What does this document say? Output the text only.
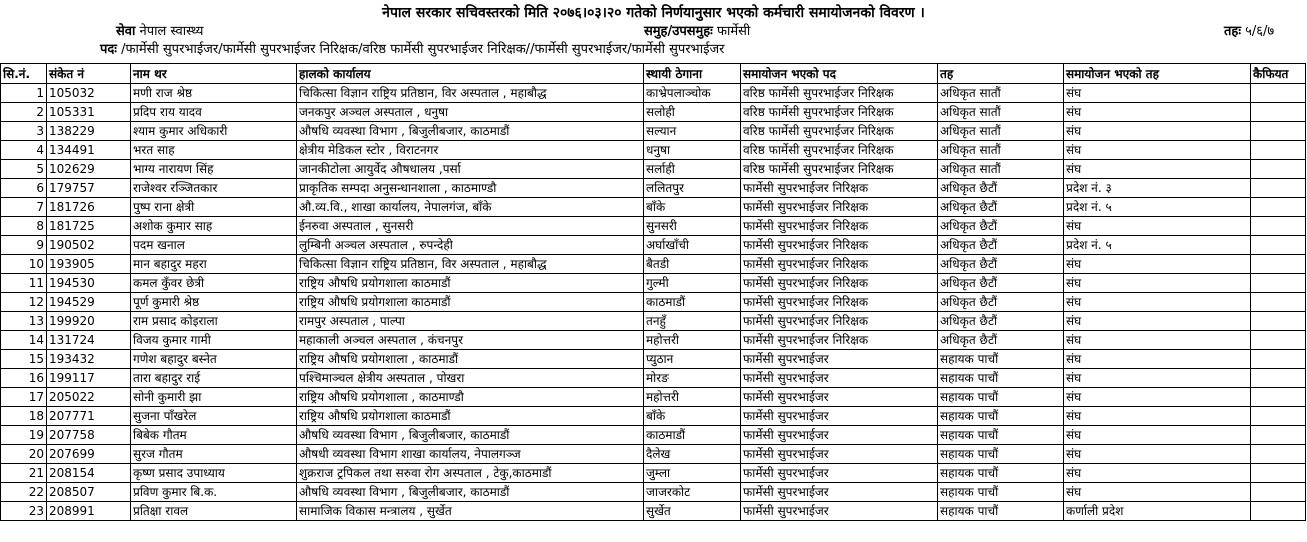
नेपाल सरकार सचिवस्तरको मिति २०७६।०३।२० गतेको निर्णयानुसार भएको कर्मचारी समायोजनको विवरण ।
सेवा नेपाल स्वास्थ्य	समुह/उपसमुहः फार्मेसी	तहः ५/६/७
पदः /फार्मेसी सुपरभाईजर/फार्मेसी सुपरभाईजर निरिक्षक/वरिष्ठ फार्मेसी सुपरभाईजर निरिक्षक//फार्मेसी सुपरभाईजर/फार्मेसी सुपरभाईजर
सि.नं.	संकेत नं	नाम थर	हालको कार्यालय	स्थायी ठेगाना	समायोजन भएको पद	तह	समायोजन भएको तह	कैफियत
1	105032	मणी राज श्रेष्ठ	चिकित्सा विज्ञान राष्ट्रिय प्रतिष्ठान, विर अस्पताल , महाबौद्ध	काभ्रेपलाञ्चोक	वरिष्ठ फार्मेसी सुपरभाईजर निरिक्षक	अधिकृत सातौं	संघ	
2	105331	प्रदिप राय यादव	जनकपुर अञ्चल अस्पताल , धनुषा	सलोही	वरिष्ठ फार्मेसी सुपरभाईजर निरिक्षक	अधिकृत सातौं	संघ	
3	138229	श्याम कुमार अधिकारी	औषधि व्यवस्था विभाग , बिजुलीबजार, काठमाडौं	सल्यान	वरिष्ठ फार्मेसी सुपरभाईजर निरिक्षक	अधिकृत सातौं	संघ	
4	134491	भरत साह	क्षेत्रीय मेडिकल स्टोर , विराटनगर	धनुषा	वरिष्ठ फार्मेसी सुपरभाईजर निरिक्षक	अधिकृत सातौं	संघ	
5	102629	भाग्य नारायण सिंह	जानकीटोला आयुर्वेद औषधालय ,पर्सा	सर्लाही	वरिष्ठ फार्मेसी सुपरभाईजर निरिक्षक	अधिकृत सातौं	संघ	
6	179757	राजेश्वर रञ्जितकार	प्राकृतिक सम्पदा अनुसन्धानशाला , काठमाण्डौ	ललितपुर	फार्मेसी सुपरभाईजर निरिक्षक	अधिकृत छैटौं	प्रदेश नं. ३	
7	181726	पुष्प राना क्षेत्री	औ.व्य.वि., शाखा कार्यालय, नेपालगंज, बाँके	बाँके	फार्मेसी सुपरभाईजर निरिक्षक	अधिकृत छैटौं	प्रदेश नं. ५	
8	181725	अशोक कुमार साह	ईनरुवा अस्पताल , सुनसरी	सुनसरी	फार्मेसी सुपरभाईजर निरिक्षक	अधिकृत छैटौं	संघ	
9	190502	पदम खनाल	लुम्बिनी अञ्चल अस्पताल , रुपन्देही	अर्घाखाँची	फार्मेसी सुपरभाईजर निरिक्षक	अधिकृत छैटौं	प्रदेश नं. ५	
10	193905	मान बहादुर महरा	चिकित्सा विज्ञान राष्ट्रिय प्रतिष्ठान, विर अस्पताल , महाबौद्ध	बैतडी	फार्मेसी सुपरभाईजर निरिक्षक	अधिकृत छैटौं	संघ	
11	194530	कमल कुँवर छेत्री	राष्ट्रिय औषधि प्रयोगशाला काठमाडौं	गुल्मी	फार्मेसी सुपरभाईजर निरिक्षक	अधिकृत छैटौं	संघ	
12	194529	पूर्ण कुमारी श्रेष्ठ	राष्ट्रिय औषधि प्रयोगशाला काठमाडौं	काठमाडौं	फार्मेसी सुपरभाईजर निरिक्षक	अधिकृत छैटौं	संघ	
13	199920	राम प्रसाद कोइराला	रामपुर अस्पताल , पाल्पा	तनहुँ	फार्मेसी सुपरभाईजर निरिक्षक	अधिकृत छैटौं	संघ	
14	131724	विजय कुमार गामी	महाकाली अञ्चल अस्पताल , कंचनपुर	महोत्तरी	फार्मेसी सुपरभाईजर निरिक्षक	अधिकृत छैटौं	संघ	
15	193432	गणेश बहादुर बस्नेत	राष्ट्रिय औषधि प्रयोगशाला , काठमाडौं	प्युठान	फार्मेसी सुपरभाईजर	सहायक पाचौं	संघ	
16	199117	तारा बहादुर राई	पश्चिमाञ्चल क्षेत्रीय अस्पताल , पोखरा	मोरङ	फार्मेसी सुपरभाईजर	सहायक पाचौं	संघ	
17	205022	सोनी कुमारी झा	राष्ट्रिय औषधि प्रयोगशाला , काठमाण्डौ	महोत्तरी	फार्मेसी सुपरभाईजर	सहायक पाचौं	संघ	
18	207771	सुजना पाँखरेल	राष्ट्रिय औषधि प्रयोगशाला काठमाडौं	बाँके	फार्मेसी सुपरभाईजर	सहायक पाचौं	संघ	
19	207758	बिबेक गौतम	औषधि व्यवस्था विभाग , बिजुलीबजार, काठमाडौं	काठमाडौं	फार्मेसी सुपरभाईजर	सहायक पाचौं	संघ	
20	207699	सुरज गौतम	औषधी व्यवस्था विभाग शाखा कार्यालय, नेपालगञ्ज	दैलेख	फार्मेसी सुपरभाईजर	सहायक पाचौं	संघ	
21	208154	कृष्ण प्रसाद उपाध्याय	शुक्रराज ट्रपिकल तथा सरुवा रोग अस्पताल , टेकु,काठमाडौं	जुम्ला	फार्मेसी सुपरभाईजर	सहायक पाचौं	संघ	
22	208507	प्रविण कुमार बि.क.	औषधि व्यवस्था विभाग , बिजुलीबजार, काठमाडौं	जाजरकोट	फार्मेसी सुपरभाईजर	सहायक पाचौं	संघ	
23	208991	प्रतिक्षा रावल	सामाजिक विकास मन्त्रालय , सुर्खेत	सुर्खेत	फार्मेसी सुपरभाईजर	सहायक पाचौं	कर्णाली प्रदेश	
